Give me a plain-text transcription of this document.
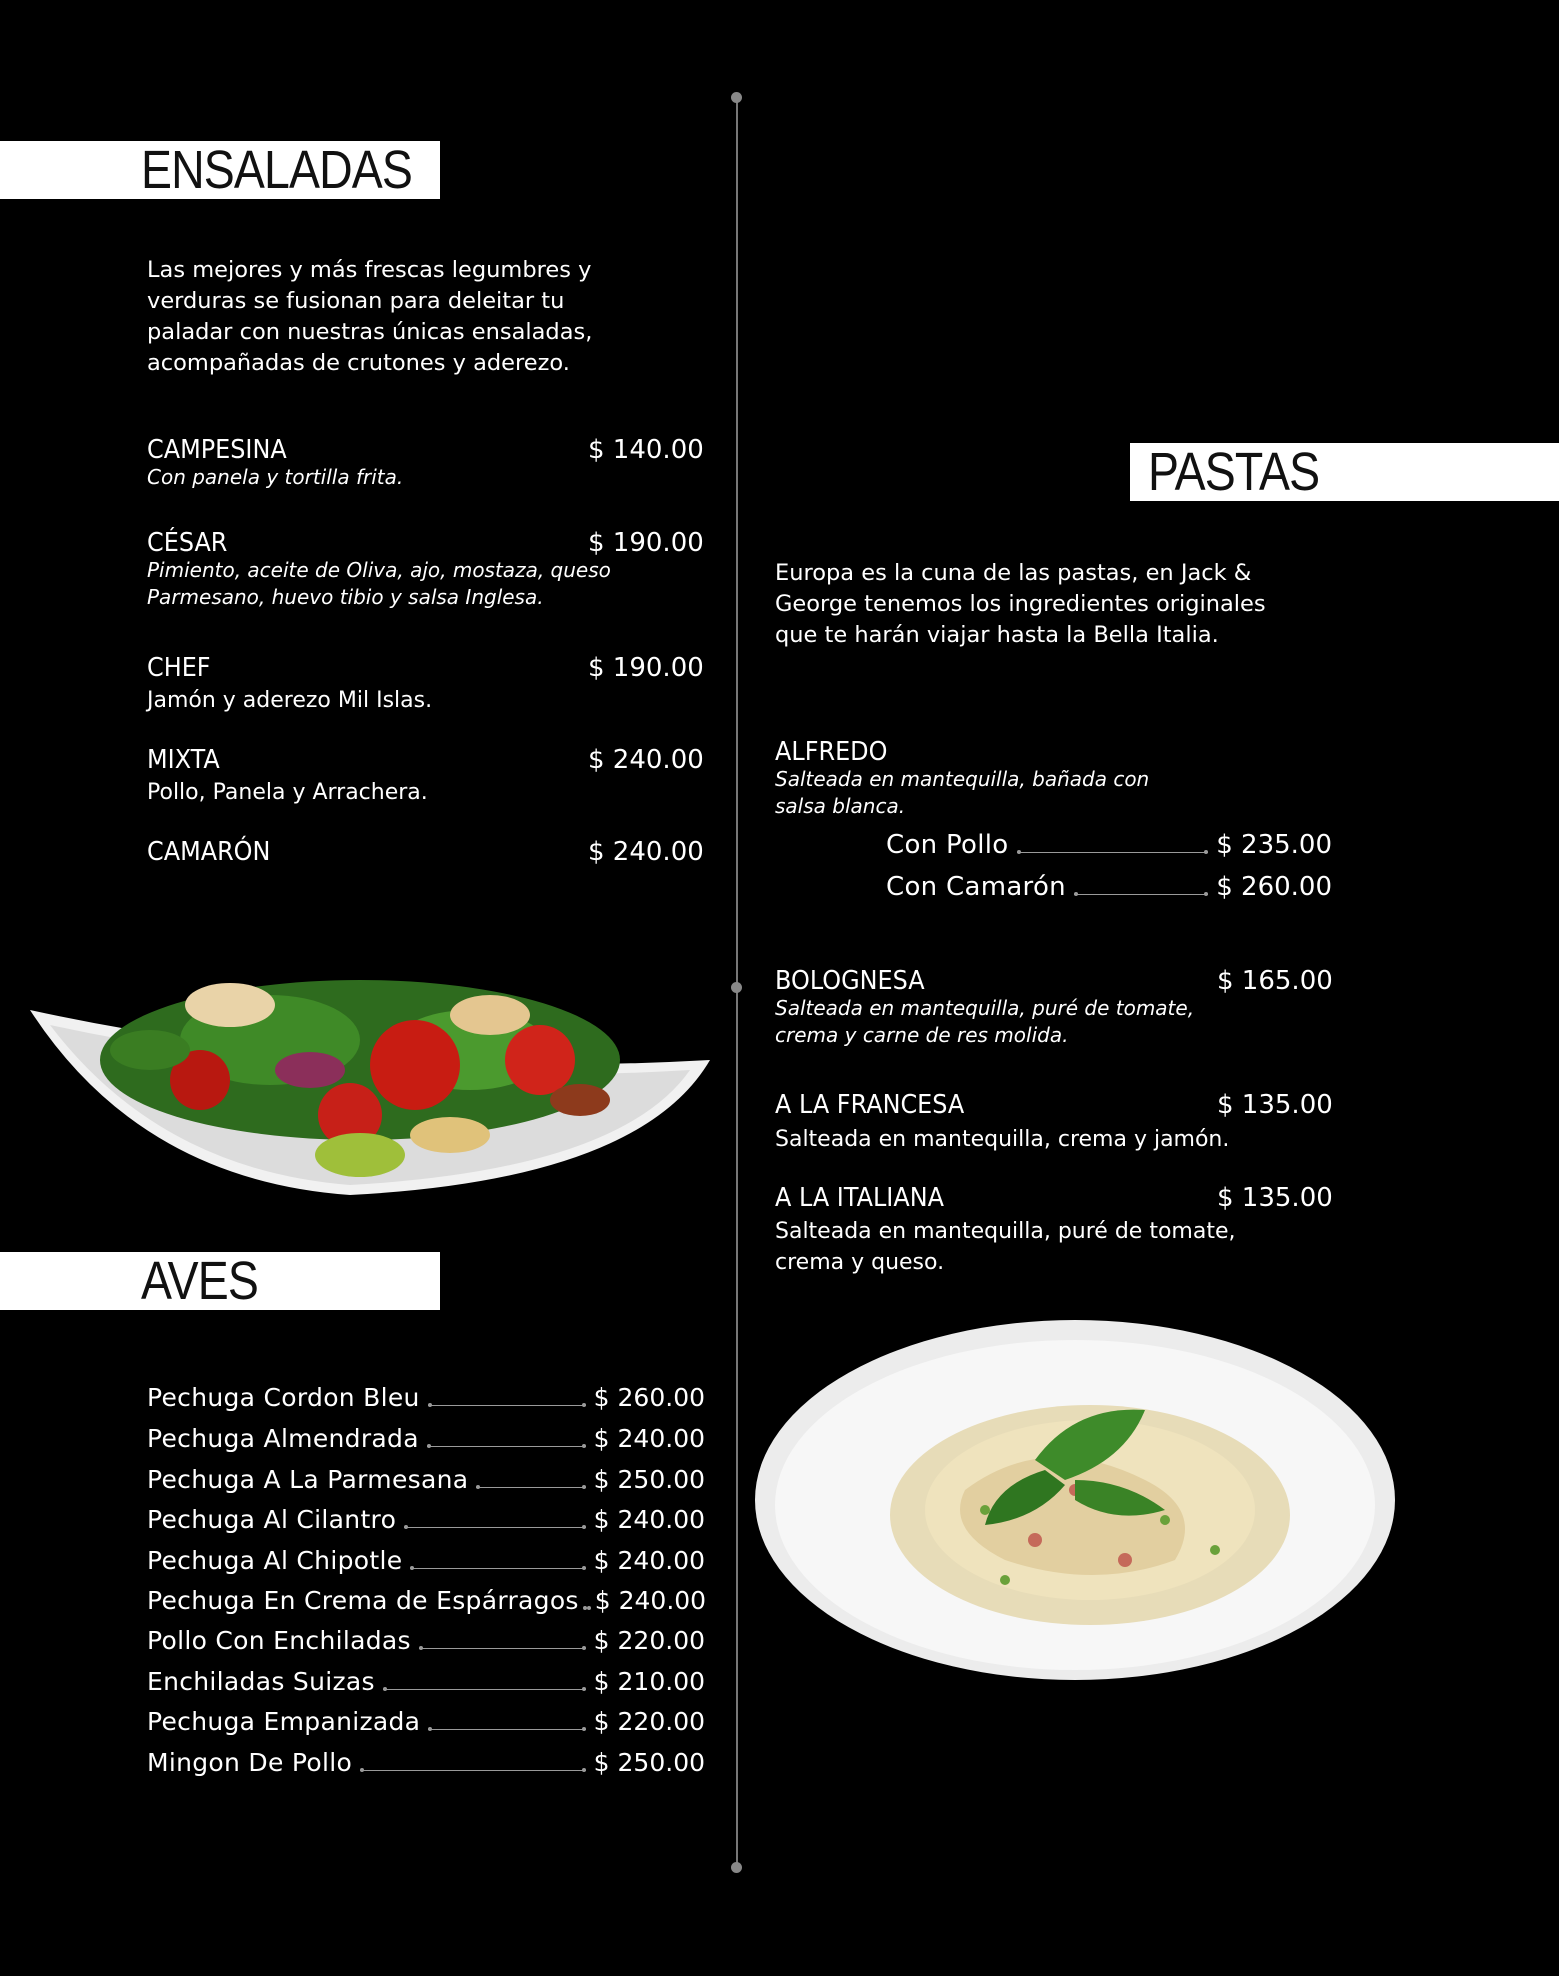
ENSALADAS

Las mejores y más frescas legumbres y verduras se fusionan para deleitar tu paladar con nuestras únicas ensaladas, acompañadas de crutones y aderezo.

CAMPESINA	$ 140.00

Con panela y tortilla frita.

CÉSAR	$ 190.00

Pimiento, aceite de Oliva, ajo, mostaza, queso Parmesano, huevo tibio y salsa Inglesa.

CHEF	$ 190.00

Jamón y aderezo Mil Islas.

MIXTA	$ 240.00

Pollo, Panela y Arrachera.

CAMARÓN	$ 240.00
AVES
Pechuga Cordon Bleu	$ 260.00
Pechuga Almendrada	$ 240.00
Pechuga A La Parmesana	$ 250.00
Pechuga Al Cilantro	$ 240.00
Pechuga Al Chipotle	$ 240.00
Pechuga En Crema de Espárragos $ 240.00
Pollo Con Enchiladas	$ 220.00
Enchiladas Suizas	$ 210.00
Pechuga Empanizada	$ 220.00
Mingon De Pollo	$ 250.00
PASTAS

Europa es la cuna de las pastas, en Jack & George tenemos los ingredientes originales que te harán viajar hasta la Bella Italia.

ALFREDO

Salteada en mantequilla, bañada con salsa blanca.

Con Pollo	$ 235.00
Con Camarón	$ 260.00
BOLOGNESA	$ 165.00

Salteada en mantequilla, puré de tomate, crema y carne de res molida.

A LA FRANCESA	$ 135.00

Salteada en mantequilla, crema y jamón.

A LA ITALIANA	$ 135.00

Salteada en mantequilla, puré de tomate, crema y queso.
